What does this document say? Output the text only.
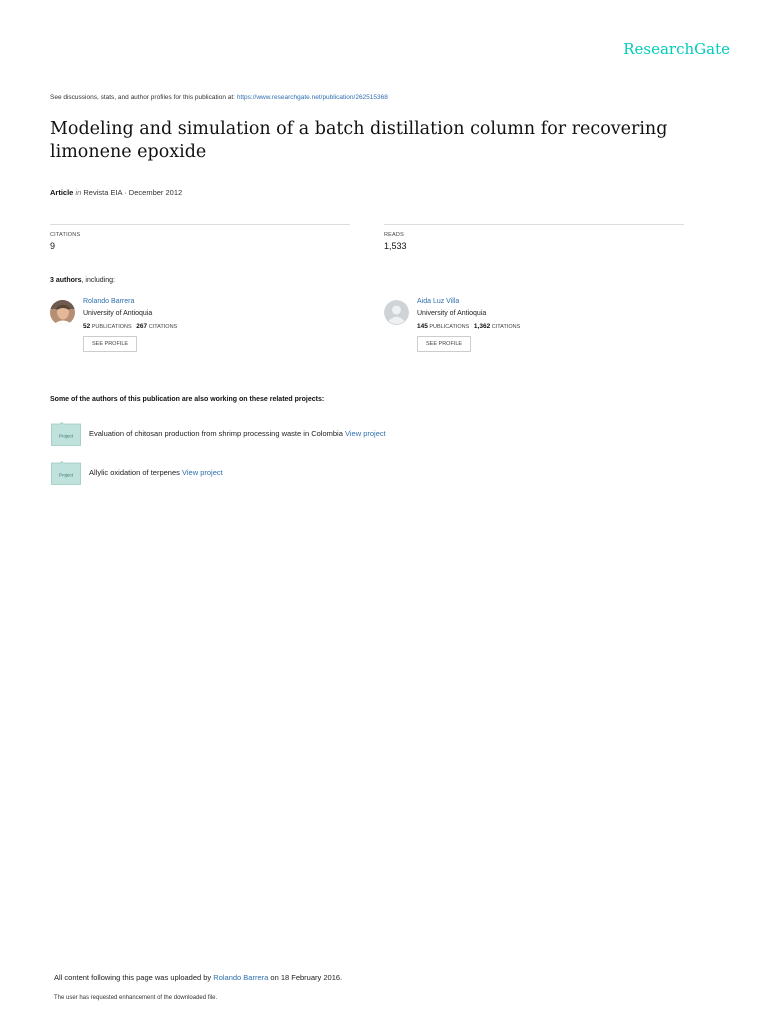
ResearchGate
See discussions, stats, and author profiles for this publication at: https://www.researchgate.net/publication/262515368
Modeling and simulation of a batch distillation column for recovering limonene epoxide
Article in Revista EIA · December 2012
CITATIONS
9
READS
1,533
3 authors, including:
Rolando Barrera
University of Antioquia
52 PUBLICATIONS 267 CITATIONS
SEE PROFILE
Aida Luz Villa
University of Antioquia
145 PUBLICATIONS 1,362 CITATIONS
SEE PROFILE
Some of the authors of this publication are also working on these related projects:
Project Evaluation of chitosan production from shrimp processing waste in Colombia View project
Project Allylic oxidation of terpenes View project
All content following this page was uploaded by Rolando Barrera on 18 February 2016.
The user has requested enhancement of the downloaded file.
